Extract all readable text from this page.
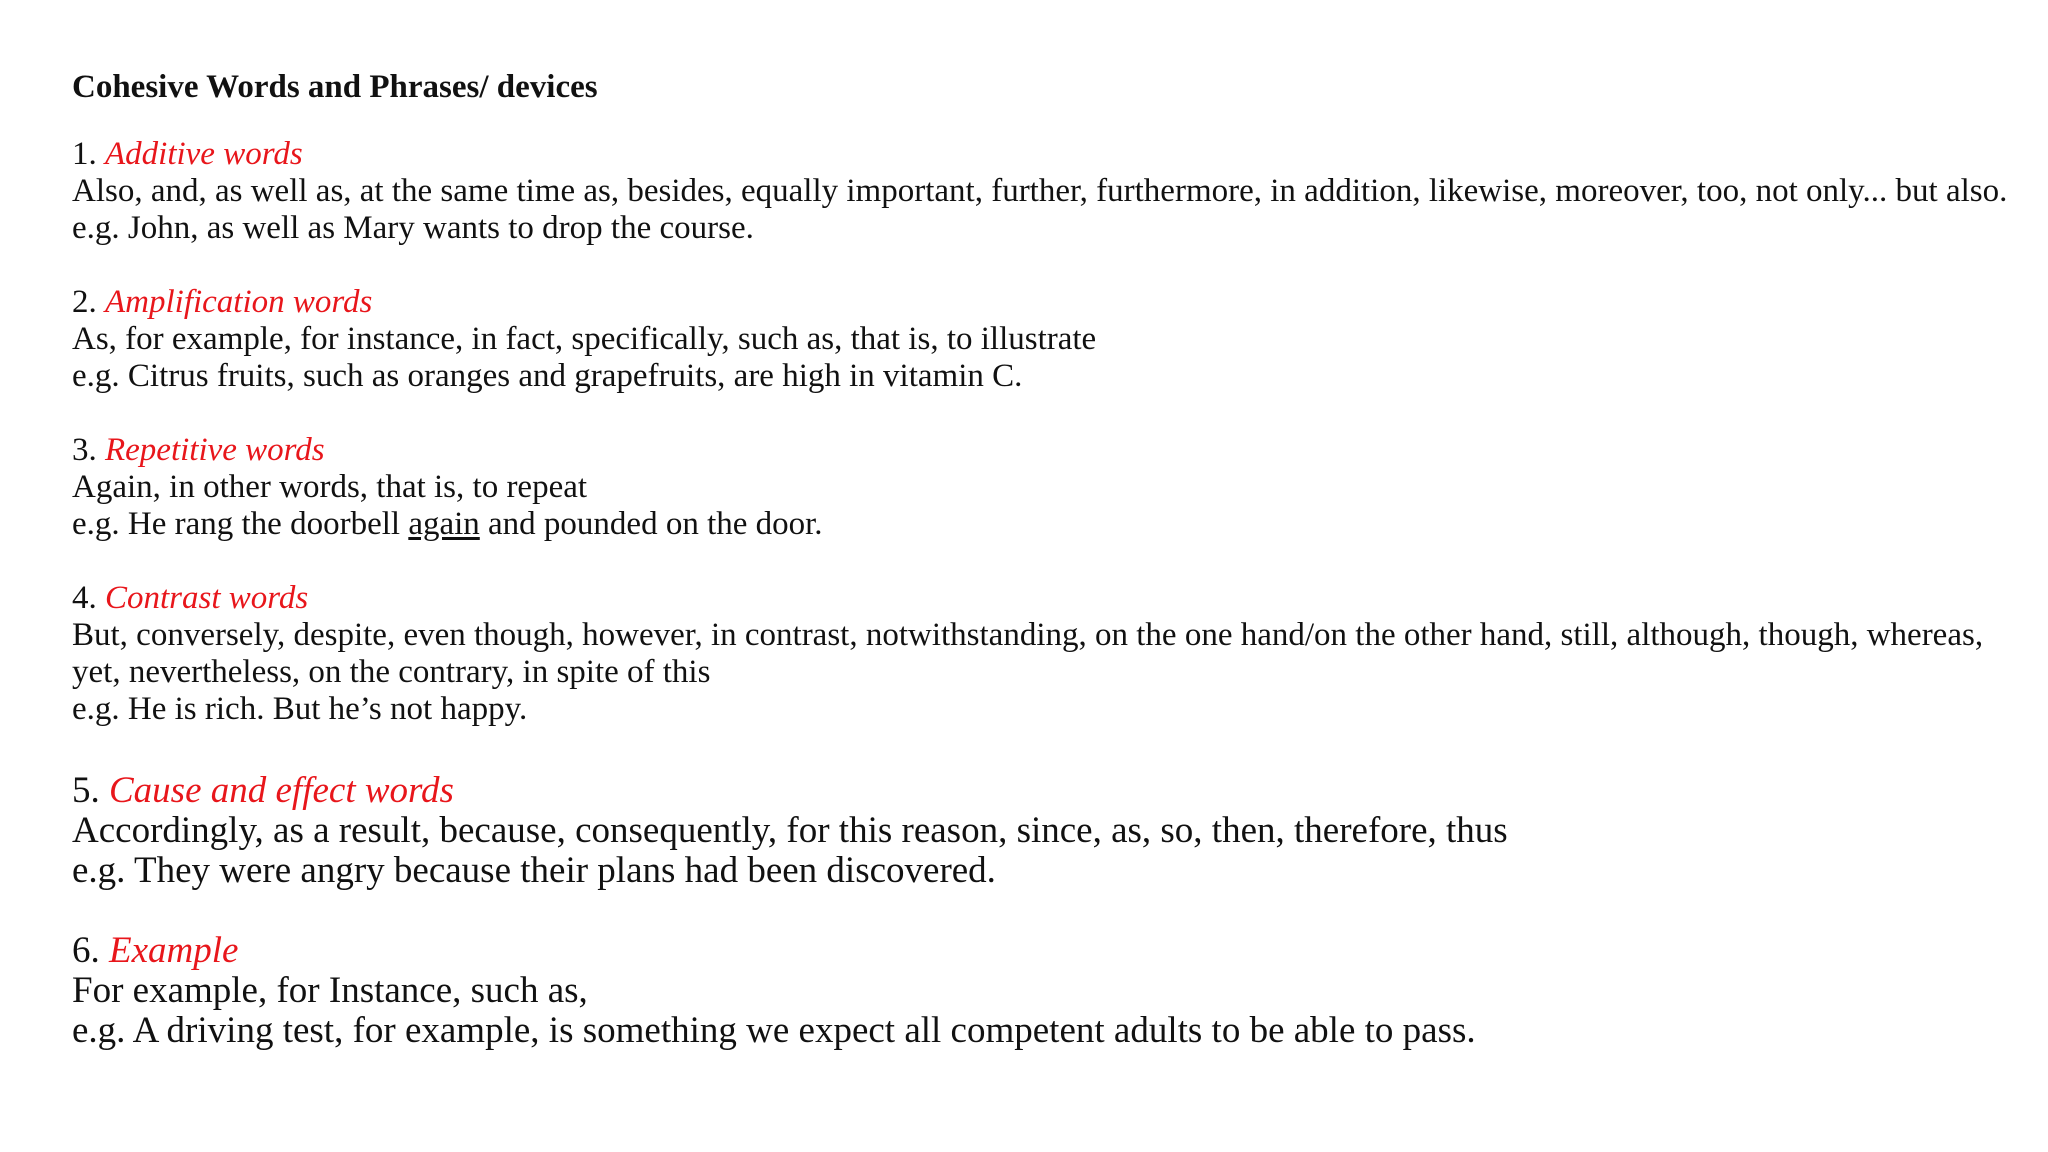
Cohesive Words and Phrases/ devices
1. Additive words
Also, and, as well as, at the same time as, besides, equally important, further, furthermore, in addition, likewise, moreover, too, not only... but also.
e.g. John, as well as Mary wants to drop the course.
2. Amplification words
As, for example, for instance, in fact, specifically, such as, that is, to illustrate
e.g. Citrus fruits, such as oranges and grapefruits, are high in vitamin C.
3. Repetitive words
Again, in other words, that is, to repeat
e.g. He rang the doorbell again and pounded on the door.
4. Contrast words
But, conversely, despite, even though, however, in contrast, notwithstanding, on the one hand/on the other hand, still, although, though, whereas, yet, nevertheless, on the contrary, in spite of this
e.g. He is rich. But he’s not happy.
5. Cause and effect words
Accordingly, as a result, because, consequently, for this reason, since, as, so, then, therefore, thus
e.g. They were angry because their plans had been discovered.
6. Example
For example, for Instance, such as,
e.g. A driving test, for example, is something we expect all competent adults to be able to pass.
